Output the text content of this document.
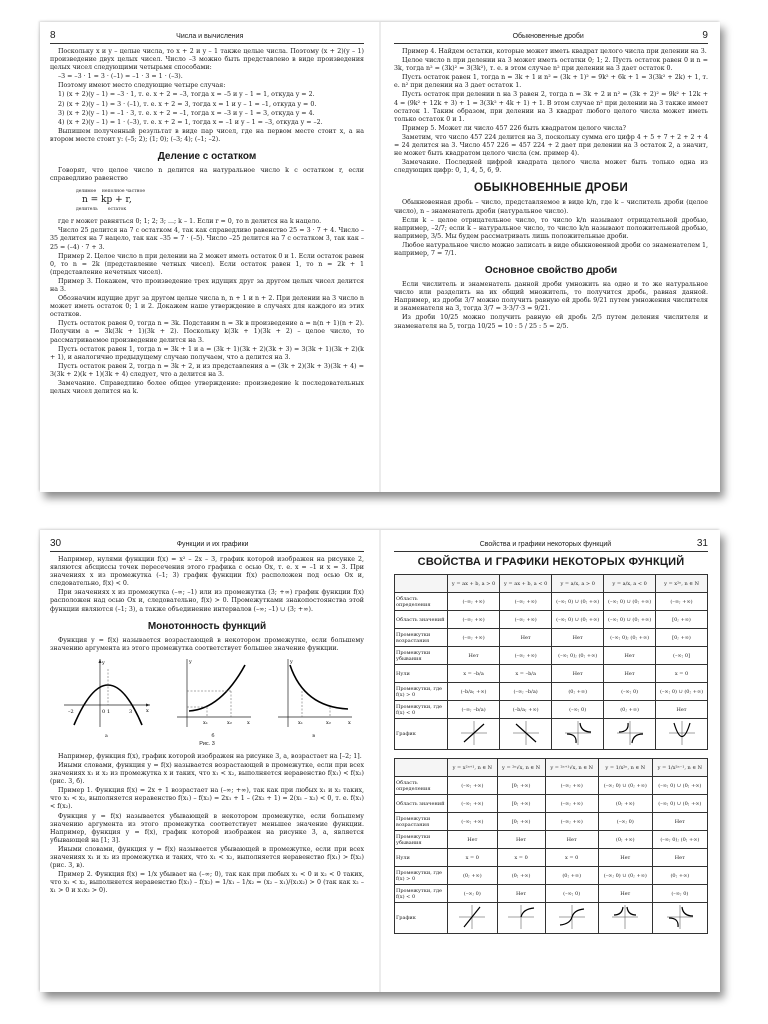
8	Числа и вычисления

Поскольку x и y – целые числа, то x + 2 и y – 1 также целые числа. Поэтому (x + 2)(y – 1) произведение двух целых чисел. Число –3 можно быть представлено в виде произведения целых чисел следующими четырьмя способами:

–3 = –3 · 1 = 3 · (–1) = –1 · 3 = 1 · (–3).

Поэтому имеют место следующие четыре случая:

1) (x + 2)(y – 1) = –3 · 1, т. е. x + 2 = –3, тогда x = –5 и y – 1 = 1, откуда y = 2.

2) (x + 2)(y – 1) = 3 · (–1), т. е. x + 2 = 3, тогда x = 1 и y – 1 = –1, откуда y = 0.

3) (x + 2)(y – 1) = –1 · 3, т. е. x + 2 = –1, тогда x = –3 и y – 1 = 3, откуда y = 4.

4) (x + 2)(y – 1) = 1 · (–3), т. е. x + 2 = 1, тогда x = –1 и y – 1 = –3, откуда y = –2.

Выпишем полученный результат в виде пар чисел, где на первом месте стоит x, а на втором месте стоит y: (–5; 2); (1; 0); (–3; 4); (–1; –2).

Деление с остатком

Говорят, что целое число n делится на натуральное число k с остатком r, если справедливо равенство

делимое неполное частное
n = kp + r,
делитель остаток

где r может равняться 0; 1; 2; 3; ...; k – 1. Если r = 0, то n делится на k нацело.

Число 25 делится на 7 с остатком 4, так как справедливо равенство 25 = 3 · 7 + 4. Число –35 делится на 7 нацело, так как –35 = 7 · (–5). Число –25 делится на 7 с остатком 3, так как –25 = (–4) · 7 + 3.

Пример 2. Целое число n при делении на 2 может иметь остаток 0 и 1. Если остаток равен 0, то n = 2k (представление четных чисел). Если остаток равен 1, то n = 2k + 1 (представление нечетных чисел).

Пример 3. Покажем, что произведение трех идущих друг за другом целых чисел делится на 3.

Обозначим идущие друг за другом целые числа n, n + 1 и n + 2. При делении на 3 число n может иметь остаток 0; 1 и 2. Докажем наше утверждение в случаях для каждого из этих остатков.

Пусть остаток равен 0, тогда n = 3k. Подставим n = 3k в произведение a = n(n + 1)(n + 2). Получим a = 3k(3k + 1)(3k + 2). Поскольку k(3k + 1)(3k + 2) – целое число, то рассматриваемое произведение делится на 3.

Пусть остаток равен 1, тогда n = 3k + 1 и a = (3k + 1)(3k + 2)(3k + 3) = 3(3k + 1)(3k + 2)(k + 1), и аналогично предыдущему случаю получаем, что a делится на 3.

Пусть остаток равен 2, тогда n = 3k + 2, и из представления a = (3k + 2)(3k + 3)(3k + 4) = 3(3k + 2)(k + 1)(3k + 4) следует, что a делится на 3.

Замечание. Справедливо более общее утверждение: произведение k последовательных целых чисел делится на k.

Обыкновенные дроби	9

Пример 4. Найдем остатки, которые может иметь квадрат целого числа при делении на 3.

Целое число n при делении на 3 может иметь остатки 0; 1; 2. Пусть остаток равен 0 и n = 3k, тогда n² = (3k)² = 3(3k²), т. е. в этом случае n² при делении на 3 дает остаток 0.

Пусть остаток равен 1, тогда n = 3k + 1 и n² = (3k + 1)² = 9k² + 6k + 1 = 3(3k² + 2k) + 1, т. е. n² при делении на 3 дает остаток 1.

Пусть остаток при делении n на 3 равен 2, тогда n = 3k + 2 и n² = (3k + 2)² = 9k² + 12k + 4 = (9k² + 12k + 3) + 1 = 3(3k² + 4k + 1) + 1. В этом случае n² при делении на 3 также имеет остаток 1. Таким образом, при делении на 3 квадрат любого целого числа может иметь только остаток 0 и 1.

Пример 5. Может ли число 457 226 быть квадратом целого числа?

Заметим, что число 457 224 делится на 3, поскольку сумма его цифр 4 + 5 + 7 + 2 + 2 + 4 = 24 делится на 3. Число 457 226 = 457 224 + 2 дает при делении на 3 остаток 2, а значит, не может быть квадратом целого числа (см. пример 4).

Замечание. Последней цифрой квадрата целого числа может быть только одна из следующих цифр: 0, 1, 4, 5, 6, 9.

ОБЫКНОВЕННЫЕ ДРОБИ

Обыкновенная дробь – число, представляемое в виде k/n, где k – числитель дроби (целое число), n – знаменатель дроби (натуральное число).

Если k – целое отрицательное число, то число k/n называют отрицательной дробью, например, –2/7; если k – натуральное число, то число k/n называют положительной дробью, например, 3/5. Мы будем рассматривать лишь положительные дроби.

Любое натуральное число можно записать в виде обыкновенной дроби со знаменателем 1, например, 7 = 7/1.

Основное свойство дроби

Если числитель и знаменатель данной дроби умножить на одно и то же натуральное число или разделить на их общий множитель, то получится дробь, равная данной. Например, из дроби 3/7 можно получить равную ей дробь 9/21 путем умножения числителя и знаменателя на 3, тогда 3/7 = 3·3/7·3 = 9/21.

Из дроби 10/25 можно получить равную ей дробь 2/5 путем деления числителя и знаменателя на 5, тогда 10/25 = 10 : 5 / 25 : 5 = 2/5.

30	Функции и их графики

Например, нулями функции f(x) = x² – 2x – 3, график которой изображен на рисунке 2, являются абсциссы точек пересечения этого графика с осью Ox, т. е. x = –1 и x = 3. При значениях x из промежутка (–1; 3) график функции f(x) расположен под осью Ox и, следовательно, f(x) < 0.

При значениях x из промежутка (–∞; –1) или из промежутка (3; +∞) график функции f(x) расположен над осью Ox и, следовательно, f(x) > 0. Промежутками знакопостоянства этой функции являются (–1; 3), а также объединение интервалов (–∞; –1) ∪ (3; +∞).

Монотонность функций

Функция y = f(x) называется возрастающей в некотором промежутке, если большему значению аргумента из этого промежутка соответствует большее значение функции.

–2	0 1	3	x
y
а
x₁	x₂	x
y
б
x₁	x₂	x
y
в
Рис. 3

Например, функция f(x), график которой изображен на рисунке 3, а, возрастает на [–2; 1].

Иными словами, функция y = f(x) называется возрастающей в промежутке, если при всех значениях x₁ и x₂ из промежутка x и таких, что x₁ < x₂, выполняется неравенство f(x₁) < f(x₂) (рис. 3, б).

Пример 1. Функция f(x) = 2x + 1 возрастает на (–∞; +∞), так как при любых x₁ и x₂ таких, что x₁ < x₂, выполняется неравенство f(x₁) – f(x₂) = 2x₁ + 1 – (2x₂ + 1) = 2(x₁ – x₂) < 0, т. е. f(x₁) < f(x₂).

Функция y = f(x) называется убывающей в некотором промежутке, если большему значению аргумента из этого промежутка соответствует меньшее значение функции. Например, функция y = f(x), график которой изображен на рисунке 3, а, является убывающей на [1; 3].

Иными словами, функция y = f(x) называется убывающей в промежутке, если при всех значениях x₁ и x₂ из промежутка и таких, что x₁ < x₂, выполняется неравенство f(x₁) > f(x₂) (рис. 3, в).

Пример 2. Функция f(x) = 1/x убывает на (–∞; 0), так как при любых x₁ < 0 и x₂ < 0 таких, что x₁ < x₂, выполняется неравенство f(x₁) – f(x₂) = 1/x₁ – 1/x₂ = (x₂ – x₁)/(x₁x₂) > 0 (так как x₂ – x₁ > 0 и x₁x₂ > 0).

Свойства и графики некоторых функций	31
СВОЙСТВА И ГРАФИКИ НЕКОТОРЫХ ФУНКЦИЙ
	y = ax + b, a > 0	y = ax + b, a < 0	y = a/x, a > 0	y = a/x, a < 0	y = x²ⁿ, n ∈ N
Область определения	(–∞; +∞)	(–∞; +∞)	(–∞; 0) ∪ (0; +∞)	(–∞; 0) ∪ (0; +∞)	(–∞; +∞)
Область значений	(–∞; +∞)	(–∞; +∞)	(–∞; 0) ∪ (0; +∞)	(–∞; 0) ∪ (0; +∞)	[0; +∞)
Промежутки возрастания	(–∞; +∞)	Нет	Нет	(–∞; 0); (0; +∞)	[0; +∞)
Промежутки убывания	Нет	(–∞; +∞)	(–∞; 0); (0; +∞)	Нет	(–∞; 0]
Нули	x = –b/a	x = –b/a	Нет	Нет	x = 0
Промежутки, где f(x) > 0	(–b/a; +∞)	(–∞; –b/a)	(0; +∞)	(–∞; 0)	(–∞; 0) ∪ (0; +∞)
Промежутки, где f(x) < 0	(–∞; –b/a)	(–b/a; +∞)	(–∞; 0)	(0; +∞)	Нет
График					
	y = x²ⁿ⁺¹, n ∈ N	y = ²ⁿ√x, n ∈ N	y = ²ⁿ⁺¹√x, n ∈ N	y = 1/x²ⁿ, n ∈ N	y = 1/x²ⁿ⁻¹, n ∈ N
Область определения	(–∞; +∞)	[0; +∞)	(–∞; +∞)	(–∞; 0) ∪ (0; +∞)	(–∞; 0) ∪ (0; +∞)
Область значений	(–∞; +∞)	[0; +∞)	(–∞; +∞)	(0; +∞)	(–∞; 0) ∪ (0; +∞)
Промежутки возрастания	(–∞; +∞)	[0; +∞)	(–∞; +∞)	(–∞; 0)	Нет
Промежутки убывания	Нет	Нет	Нет	(0; +∞)	(–∞; 0); (0; +∞)
Нули	x = 0	x = 0	x = 0	Нет	Нет
Промежутки, где f(x) > 0	(0; +∞)	(0; +∞)	(0; +∞)	(–∞; 0) ∪ (0; +∞)	(0; +∞)
Промежутки, где f(x) < 0	(–∞; 0)	Нет	(–∞; 0)	Нет	(–∞; 0)
График					
